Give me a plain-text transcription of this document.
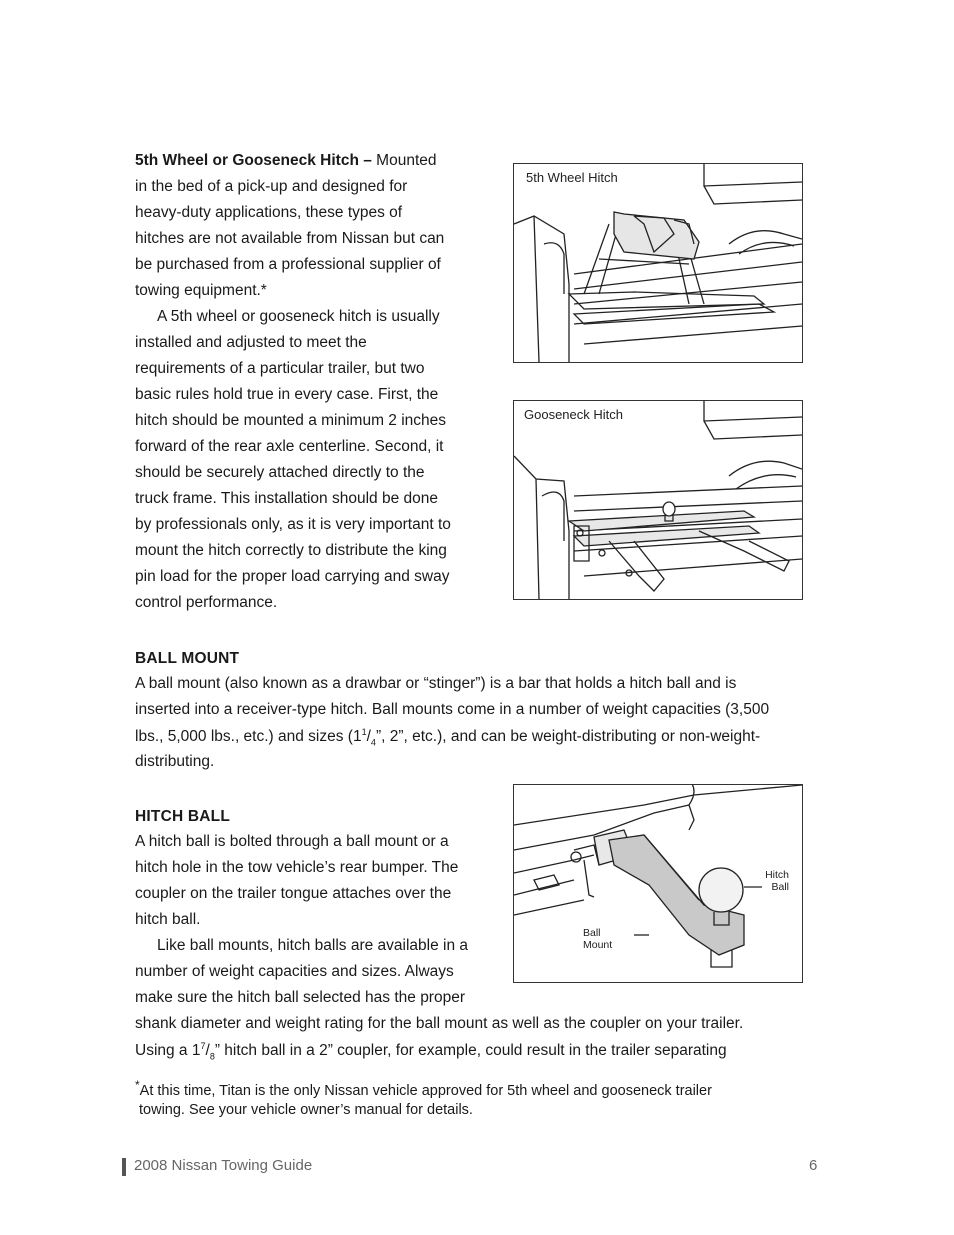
5th Wheel or Gooseneck Hitch – Mounted
in the bed of a pick-up and designed for
heavy-duty applications, these types of
hitches are not available from Nissan but can
be purchased from a professional supplier of
towing equipment.*
A 5th wheel or gooseneck hitch is usually
installed and adjusted to meet the
requirements of a particular trailer, but two
basic rules hold true in every case. First, the
hitch should be mounted a minimum 2 inches
forward of the rear axle centerline. Second, it
should be securely attached directly to the
truck frame. This installation should be done
by professionals only, as it is very important to
mount the hitch correctly to distribute the king
pin load for the proper load carrying and sway
control performance.
5th Wheel Hitch
Gooseneck Hitch
BALL MOUNT
A ball mount (also known as a drawbar or “stinger”) is a bar that holds a hitch ball and is
inserted into a receiver-type hitch. Ball mounts come in a number of weight capacities (3,500
lbs., 5,000 lbs., etc.) and sizes ($1^1/_4$”, 2”, etc.), and can be weight-distributing or non-weight-
distributing.
HITCH BALL
A hitch ball is bolted through a ball mount or a
hitch hole in the tow vehicle’s rear bumper. The
coupler on the trailer tongue attaches over the
hitch ball.
Like ball mounts, hitch balls are available in a
number of weight capacities and sizes. Always
make sure the hitch ball selected has the proper
shank diameter and weight rating for the ball mount as well as the coupler on your trailer.
Using a $1^7/_8$” hitch ball in a 2” coupler, for example, could result in the trailer separating
Hitch
Ball
Ball
Mount
*At this time, Titan is the only Nissan vehicle approved for 5th wheel and gooseneck trailer
towing. See your vehicle owner’s manual for details.
2008 Nissan Towing Guide	6
